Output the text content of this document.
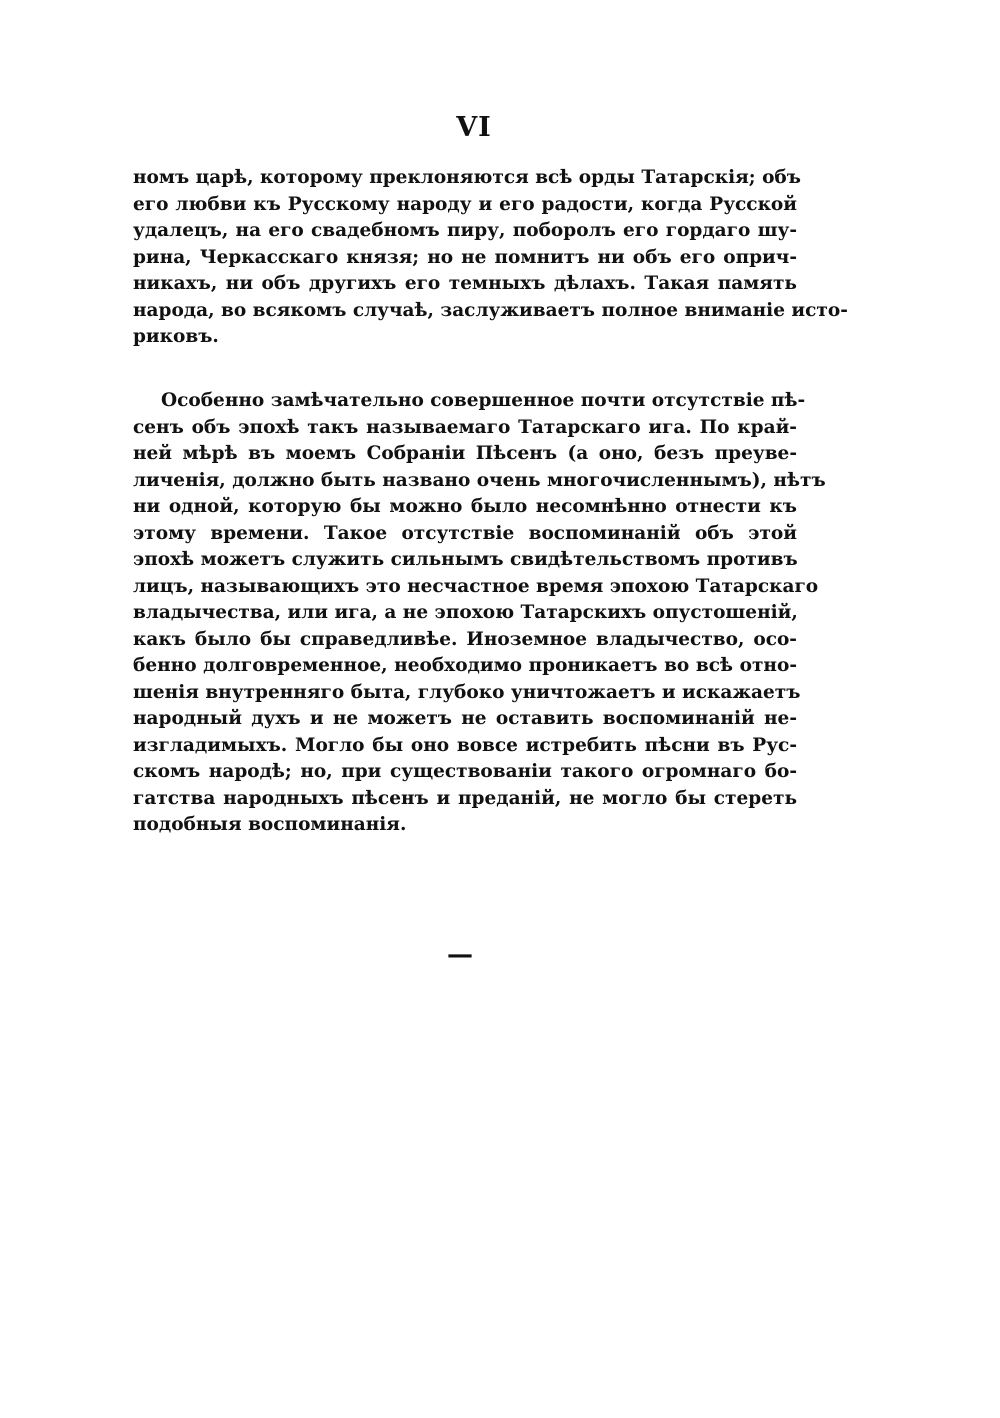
VI
номъ царѣ, которому преклоняются всѣ орды Татарскія; объ
его любви къ Русскому народу и его радости, когда Русской
удалецъ, на его свадебномъ пиру, поборолъ его гордаго шу-
рина, Черкасскаго князя; но не помнитъ ни объ его оприч-
никахъ, ни объ другихъ его темныхъ дѣлахъ. Такая память
народа, во всякомъ случаѣ, заслуживаетъ полное вниманіе исто-
риковъ.
Особенно замѣчательно совершенное почти отсутствіе пѣ-
сенъ объ эпохѣ такъ называемаго Татарскаго ига. По край-
ней мѣрѣ въ моемъ Собраніи Пѣсенъ (а оно, безъ преуве-
личенія, должно быть названо очень многочисленнымъ), нѣтъ
ни одной, которую бы можно было несомнѣнно отнести къ
этому времени. Такое отсутствіе воспоминаній объ этой
эпохѣ можетъ служить сильнымъ свидѣтельствомъ противъ
лицъ, называющихъ это несчастное время эпохою Татарскаго
владычества, или ига, а не эпохою Татарскихъ опустошеній,
какъ было бы справедливѣе. Иноземное владычество, осо-
бенно долговременное, необходимо проникаетъ во всѣ отно-
шенія внутренняго быта, глубоко уничтожаетъ и искажаетъ
народный духъ и не можетъ не оставить воспоминаній не-
изгладимыхъ. Могло бы оно вовсе истребить пѣсни въ Рус-
скомъ народѣ; но, при существованіи такого огромнаго бо-
гатства народныхъ пѣсенъ и преданій, не могло бы стереть
подобныя воспоминанія.
—
